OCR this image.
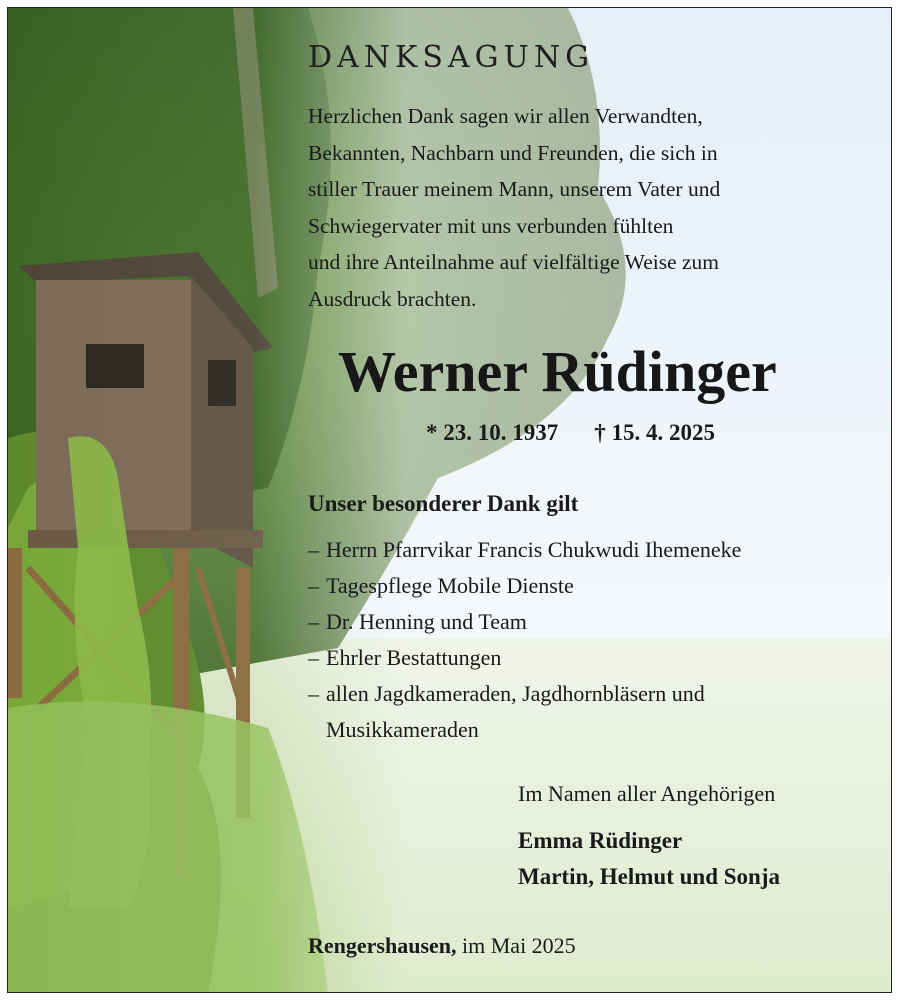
DANKSAGUNG

Herzlichen Dank sagen wir allen Verwandten,
Bekannten, Nachbarn und Freunden, die sich in
stiller Trauer meinem Mann, unserem Vater und
Schwiegervater mit uns verbunden fühlten
und ihre Anteilnahme auf vielfältige Weise zum
Ausdruck brachten.

Werner Rüdinger
* 23. 10. 1937 † 15. 4. 2025
Unser besonderer Dank gilt
– Herrn Pfarrvikar Francis Chukwudi Ihemeneke
– Tagespflege Mobile Dienste
– Dr. Henning und Team
– Ehrler Bestattungen
– allen Jagdkameraden, Jagdhornbläsern und
Musikkameraden
Im Namen aller Angehörigen
Emma Rüdinger
Martin, Helmut und Sonja
Rengershausen, im Mai 2025
